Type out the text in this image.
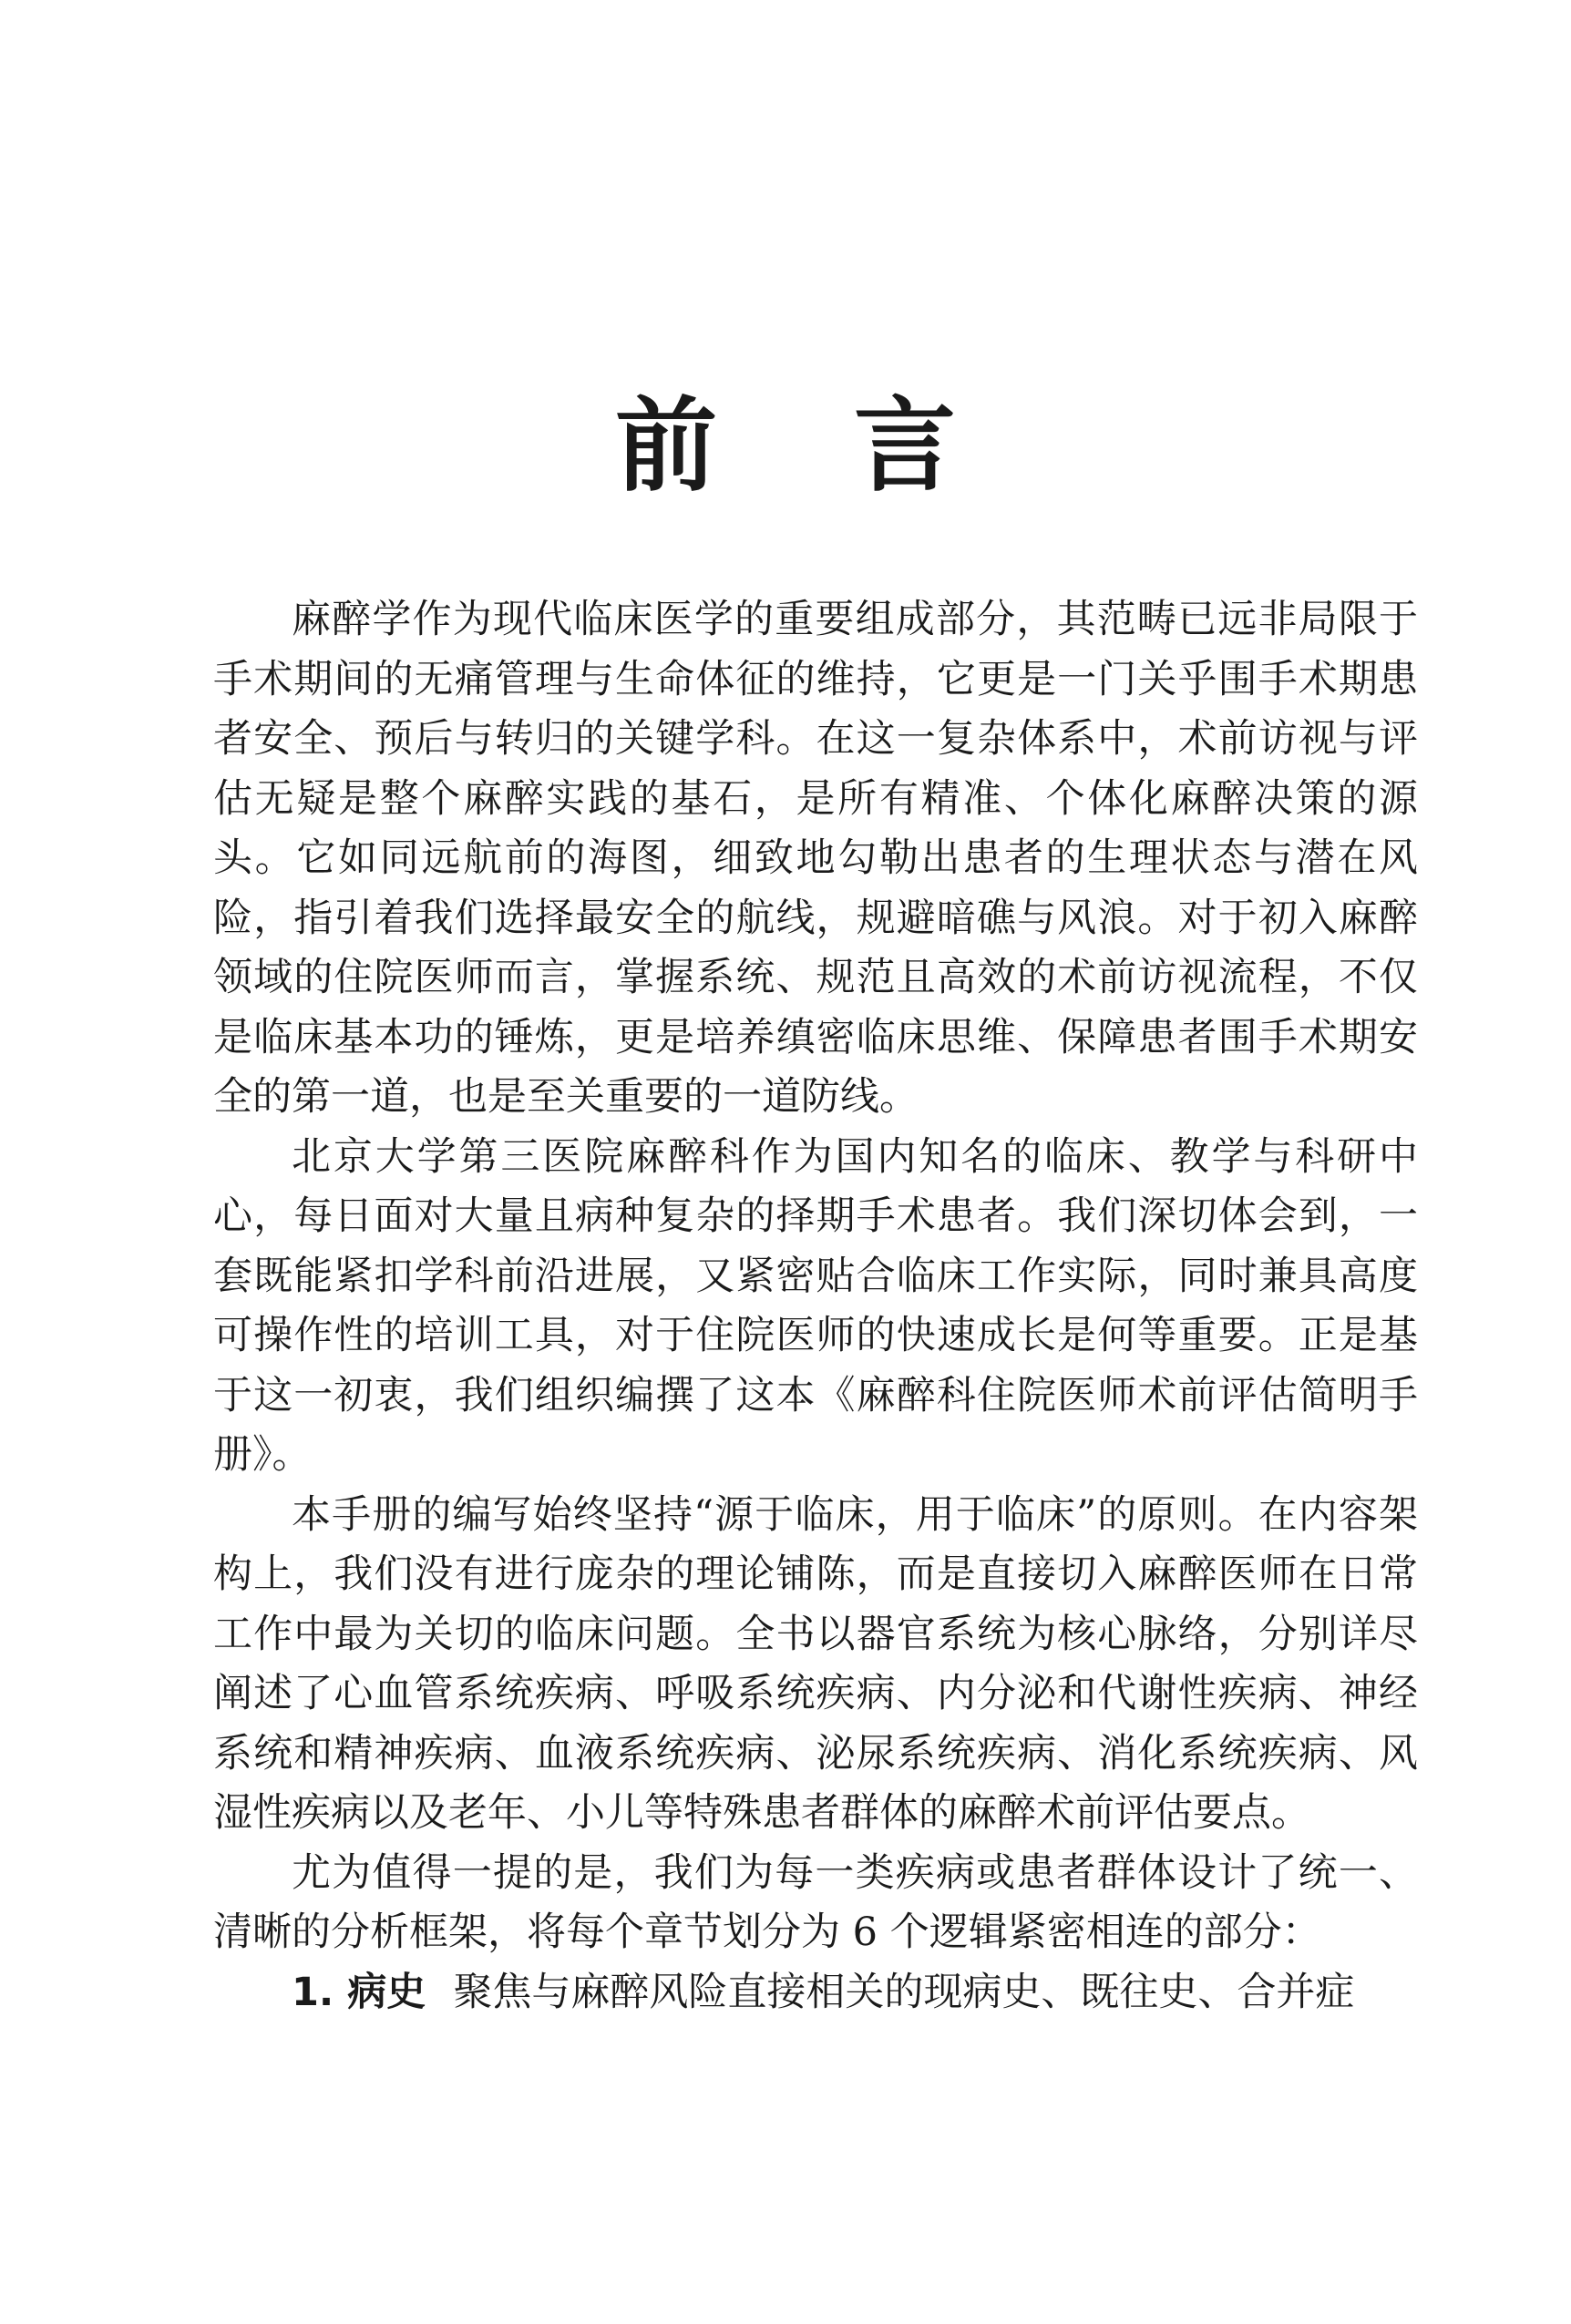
前 言

麻醉学作为现代临床医学的重要组成部分，其范畴已远非局限于手术期间的无痛管理与生命体征的维持，它更是一门关乎围手术期患者安全、预后与转归的关键学科。在这一复杂体系中，术前访视与评估无疑是整个麻醉实践的基石，是所有精准、个体化麻醉决策的源头。它如同远航前的海图，细致地勾勒出患者的生理状态与潜在风险，指引着我们选择最安全的航线，规避暗礁与风浪。对于初入麻醉领域的住院医师而言，掌握系统、规范且高效的术前访视流程，不仅是临床基本功的锤炼，更是培养缜密临床思维、保障患者围手术期安全的第一道，也是至关重要的一道防线。

北京大学第三医院麻醉科作为国内知名的临床、教学与科研中心，每日面对大量且病种复杂的择期手术患者。我们深切体会到，一套既能紧扣学科前沿进展，又紧密贴合临床工作实际，同时兼具高度可操作性的培训工具，对于住院医师的快速成长是何等重要。正是基于这一初衷，我们组织编撰了这本《麻醉科住院医师术前评估简明手册》。

本手册的编写始终坚持“源于临床，用于临床”的原则。在内容架构上，我们没有进行庞杂的理论铺陈，而是直接切入麻醉医师在日常工作中最为关切的临床问题。全书以器官系统为核心脉络，分别详尽阐述了心血管系统疾病、呼吸系统疾病、内分泌和代谢性疾病、神经系统和精神疾病、血液系统疾病、泌尿系统疾病、消化系统疾病、风湿性疾病以及老年、小儿等特殊患者群体的麻醉术前评估要点。

尤为值得一提的是，我们为每一类疾病或患者群体设计了统一、清晰的分析框架，将每个章节划分为 6 个逻辑紧密相连的部分：

1. 病史 聚焦与麻醉风险直接相关的现病史、既往史、合并症
